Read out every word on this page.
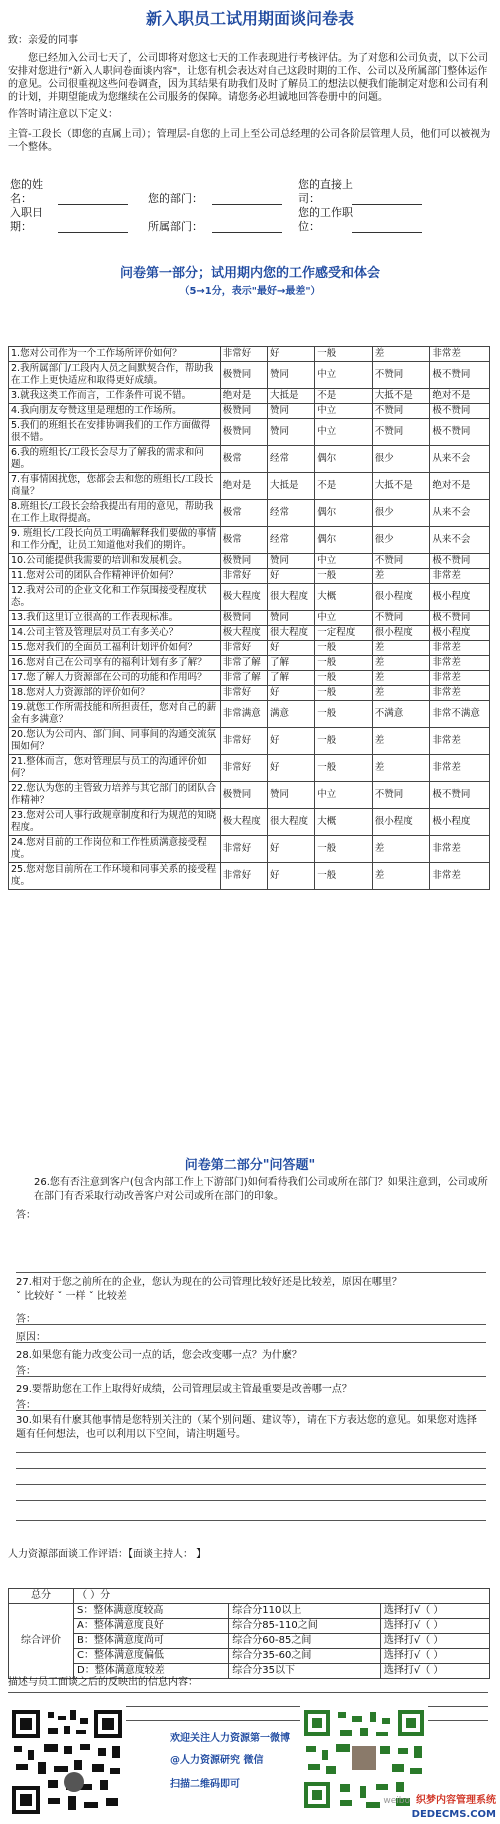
新入职员工试用期面谈问卷表
致：亲爱的同事
您已经加入公司七天了，公司即将对您这七天的工作表现进行考核评估。为了对您和公司负责，以下公司安排对您进行"新入人职问卷面谈内容"，让您有机会表达对自己这段时期的工作、公司以及所属部门整体运作的意见。公司很重视这些问卷调查，因为其结果有助我们及时了解员工的想法以便我们能制定对您和公司有利的计划，并期望能成为您继续在公司服务的保障。请您务必坦诚地回答卷册中的问题。
作答时请注意以下定义：
主管-工段长（即您的直属上司）；管理层-自您的上司上至公司总经理的公司各阶层管理人员，他们可以被视为一个整体。
您的姓
名：	您的部门：
您的直接上
司：
入职日
期：	所属部门：
您的工作职
位：
问卷第一部分；试用期内您的工作感受和体会
（5→1分，表示"最好→最差"）
1.您对公司作为一个工作场所评价如何？	非常好	好	一般	差	非常差
2.我所属部门/工段内人员之间默契合作，帮助我在工作上更快适应和取得更好成绩。	极赞同	赞同	中立	不赞同	极不赞同
3.就我这类工作而言，工作条件可说不错。	绝对是	大抵是	不是	大抵不是	绝对不是
4.我向朋友夸赞这里是理想的工作场所。	极赞同	赞同	中立	不赞同	极不赞同
5.我们的班组长在安排协调我们的工作方面做得很不错。	极赞同	赞同	中立	不赞同	极不赞同
6.我的班组长/工段长会尽力了解我的需求和问题。	极常	经常	偶尔	很少	从来不会
7.有事情困扰您，您都会去和您的班组长/工段长商量？	绝对是	大抵是	不是	大抵不是	绝对不是
8.班组长/工段长会给我提出有用的意见，帮助我在工作上取得提高。	极常	经常	偶尔	很少	从来不会
9. 班组长/工段长向员工明确解释我们要做的事情和工作分配，让员工知道他对我们的期许。	极常	经常	偶尔	很少	从来不会
10.公司能提供我需要的培训和发展机会。	极赞同	赞同	中立	不赞同	极不赞同
11.您对公司的团队合作精神评价如何？	非常好	好	一般	差	非常差
12.我对公司的企业文化和工作氛围接受程度状态。	极大程度	很大程度	大概	很小程度	极小程度
13.我们这里订立很高的工作表现标准。	极赞同	赞同	中立	不赞同	极不赞同
14.公司主管及管理层对员工有多关心？	极大程度	很大程度	一定程度	很小程度	极小程度
15.您对我们的全面员工福利计划评价如何？	非常好	好	一般	差	非常差
16.您对自己在公司享有的福利计划有多了解？	非常了解	了解	一般	差	非常差
17.您了解人力资源部在公司的功能和作用吗？	非常了解	了解	一般	差	非常差
18.您对人力资源部的评价如何？	非常好	好	一般	差	非常差
19.就您工作所需技能和所担责任，您对自己的薪金有多满意？	非常满意	满意	一般	不满意	非常不满意
20.您认为公司内、部门间、同事间的沟通交流氛围如何？	非常好	好	一般	差	非常差
21.整体而言，您对管理层与员工的沟通评价如何？	非常好	好	一般	差	非常差
22.您认为您的主管致力培养与其它部门的团队合作精神？	极赞同	赞同	中立	不赞同	极不赞同
23.您对公司人事行政规章制度和行为规范的知晓程度。	极大程度	很大程度	大概	很小程度	极小程度
24.您对目前的工作岗位和工作性质满意接受程度。	非常好	好	一般	差	非常差
25.您对您目前所在工作环境和同事关系的接受程度。	非常好	好	一般	差	非常差
问卷第二部分"问答题"
26.您有否注意到客户(包含内部工作上下游部门)如何看待我们公司或所在部门？如果注意到，公司或所在部门有否采取行动改善客户对公司或所在部门的印象。
答：
27.相对于您之前所在的企业，您认为现在的公司管理比较好还是比较差，原因在哪里？
ˇ 比较好 ˇ 一样 ˇ 比较差
答：
原因：
28.如果您有能力改变公司一点的话，您会改变哪一点？为什麽？
答：
29.要帮助您在工作上取得好成绩，公司管理层或主管最重要是改善哪一点？
答：
30.如果有什麽其他事情是您特别关注的（某个别问题、建议等），请在下方表达您的意见。如果您对选择题有任何想法，也可以利用以下空间，请注明题号。
人力资源部面谈工作评语：【面谈主持人： 】
总分	（ ）分		
综合评价	S：整体满意度较高	综合分110以上	选择打√（ ）
	A：整体满意度良好	综合分85-110之间	选择打√（ ）
	B：整体满意度尚可	综合分60-85之间	选择打√（ ）
	C：整体满意度偏低	综合分35-60之间	选择打√（ ）
	D：整体满意度较差	综合分35以下	选择打√（ ）
描述与员工面谈之后的反映出的信息内容：
欢迎关注人力资源第一微博
@人力资源研究 微信
扫描二维码即可
weibo 织梦内容管理系统
DEDECMS.COM
